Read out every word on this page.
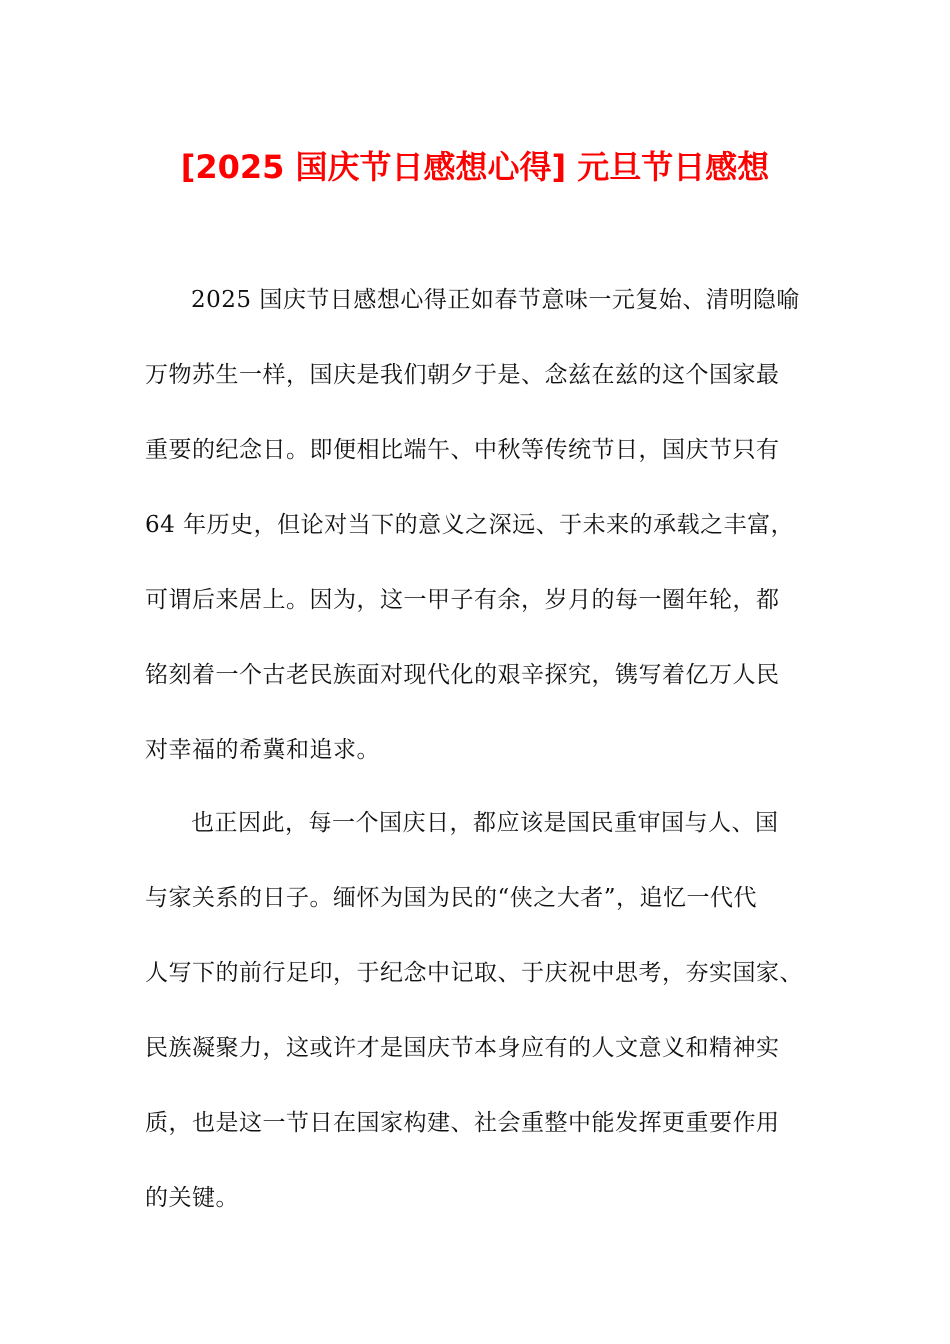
[2025 国庆节日感想心得] 元旦节日感想
2025 国庆节日感想心得正如春节意味一元复始、清明隐喻
万物苏生一样，国庆是我们朝夕于是、念兹在兹的这个国家最
重要的纪念日。即便相比端午、中秋等传统节日，国庆节只有
64 年历史，但论对当下的意义之深远、于未来的承载之丰富，
可谓后来居上。因为，这一甲子有余，岁月的每一圈年轮，都
铭刻着一个古老民族面对现代化的艰辛探究，镌写着亿万人民
对幸福的希冀和追求。
也正因此，每一个国庆日，都应该是国民重审国与人、国
与家关系的日子。缅怀为国为民的“侠之大者”，追忆一代代
人写下的前行足印，于纪念中记取、于庆祝中思考，夯实国家、
民族凝聚力，这或许才是国庆节本身应有的人文意义和精神实
质，也是这一节日在国家构建、社会重整中能发挥更重要作用
的关键。
